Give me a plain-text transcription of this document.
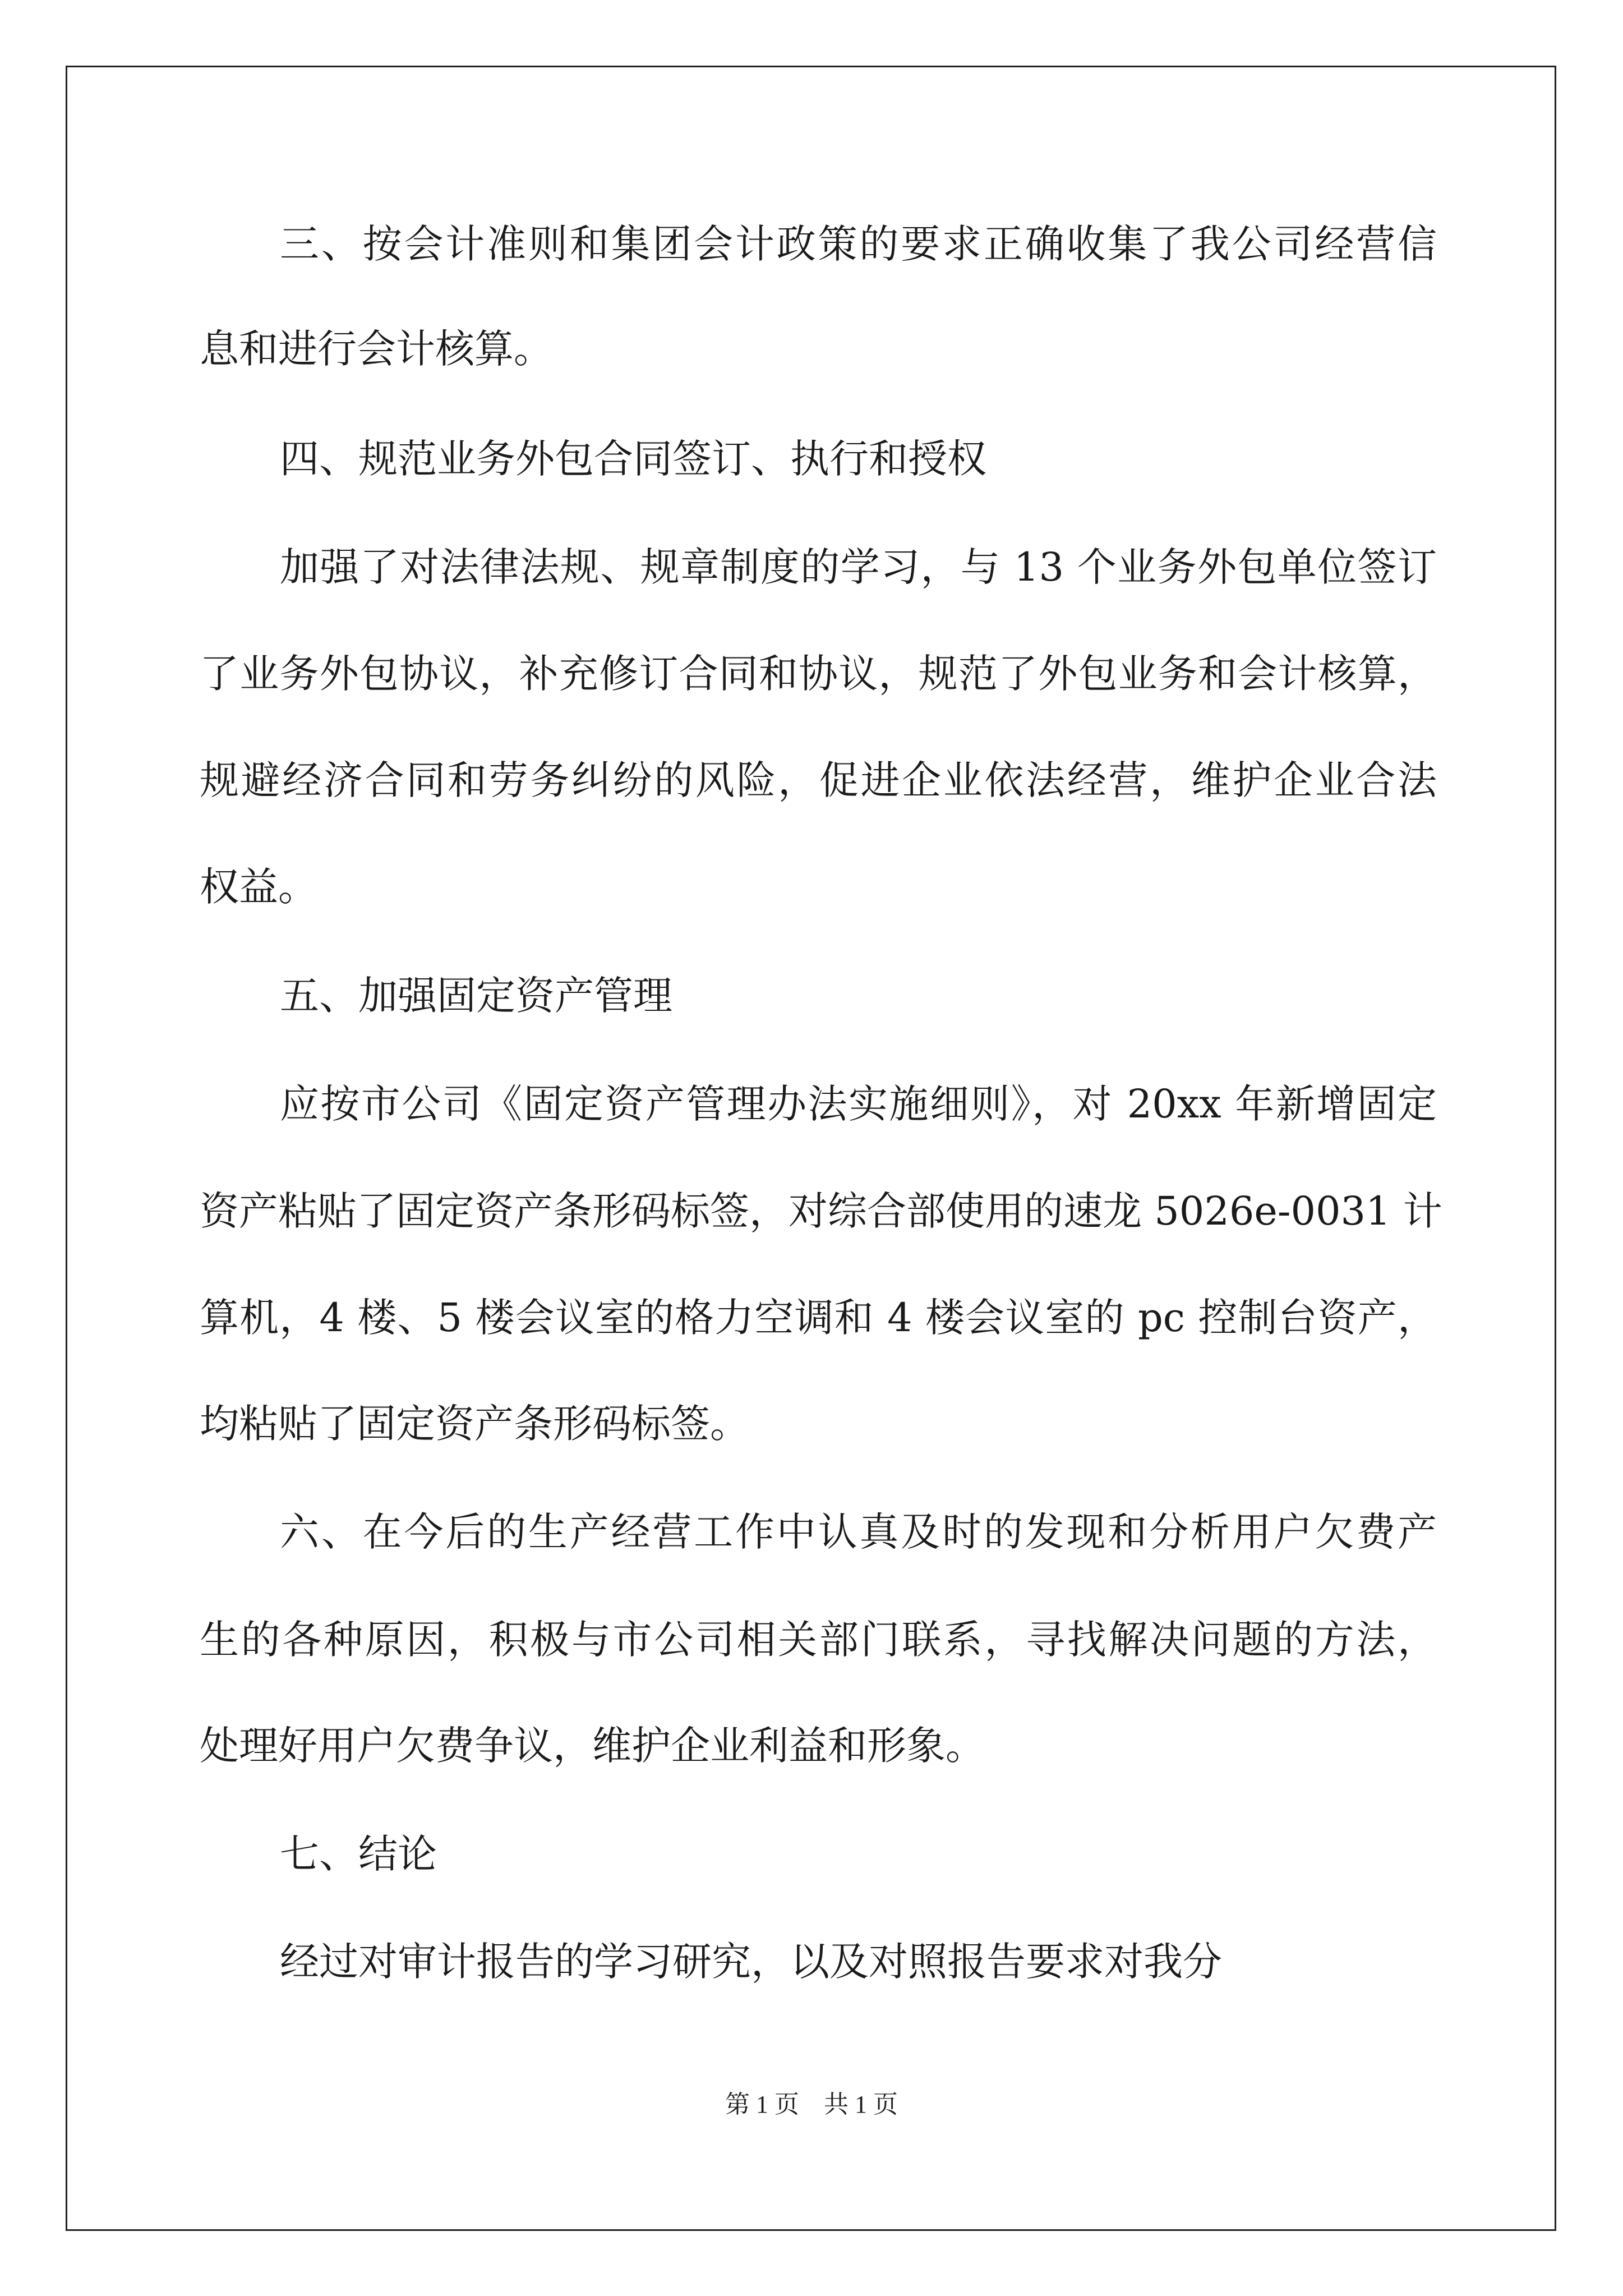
三、按会计准则和集团会计政策的要求正确收集了我公司经营信
息和进行会计核算。
四、规范业务外包合同签订、执行和授权
加强了对法律法规、规章制度的学习，与 13 个业务外包单位签订
了业务外包协议，补充修订合同和协议，规范了外包业务和会计核算，
规避经济合同和劳务纠纷的风险，促进企业依法经营，维护企业合法
权益。
五、加强固定资产管理
应按市公司《固定资产管理办法实施细则》，对 20xx 年新增固定
资产粘贴了固定资产条形码标签，对综合部使用的速龙 5026e-0031 计
算机，4 楼、5 楼会议室的格力空调和 4 楼会议室的 pc 控制台资产，
均粘贴了固定资产条形码标签。
六、在今后的生产经营工作中认真及时的发现和分析用户欠费产
生的各种原因，积极与市公司相关部门联系，寻找解决问题的方法，
处理好用户欠费争议，维护企业利益和形象。
七、结论
经过对审计报告的学习研究，以及对照报告要求对我分
第 1 页　共 1 页
